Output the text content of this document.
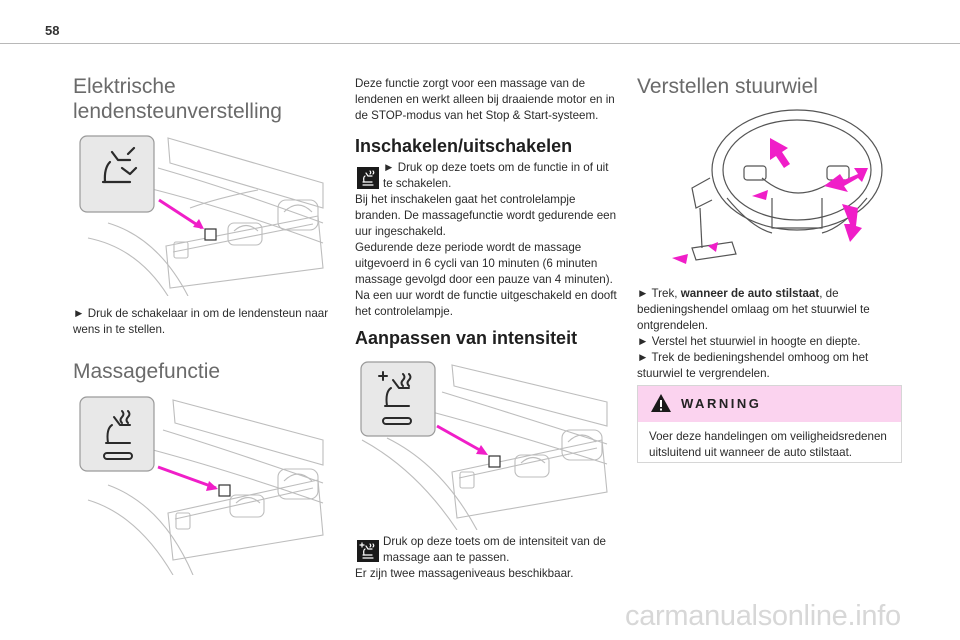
58
Elektrische
lendensteunverstelling

► Druk de schakelaar in om de lendensteun naar wens in te stellen.

Massagefunctie

Deze functie zorgt voor een massage van de lendenen en werkt alleen bij draaiende motor en in de STOP-modus van het Stop & Start-systeem.

Inschakelen/uitschakelen

► Druk op deze toets om de functie in of uit te schakelen.

Bij het inschakelen gaat het controlelampje branden. De massagefunctie wordt gedurende een uur ingeschakeld.
Gedurende deze periode wordt de massage uitgevoerd in 6 cycli van 10 minuten (6 minuten massage gevolgd door een pauze van 4 minuten).
Na een uur wordt de functie uitgeschakeld en dooft het controlelampje.

Aanpassen van intensiteit

Druk op deze toets om de intensiteit van de massage aan te passen.

Er zijn twee massageniveaus beschikbaar.

Verstellen stuurwiel

► Trek, wanneer de auto stilstaat, de bedieningshendel omlaag om het stuurwiel te ontgrendelen.

► Verstel het stuurwiel in hoogte en diepte.

► Trek de bedieningshendel omhoog om het stuurwiel te vergrendelen.

WARNING
Voer deze handelingen om veiligheidsredenen uitsluitend uit wanneer de auto stilstaat.
carmanualsonline.info
